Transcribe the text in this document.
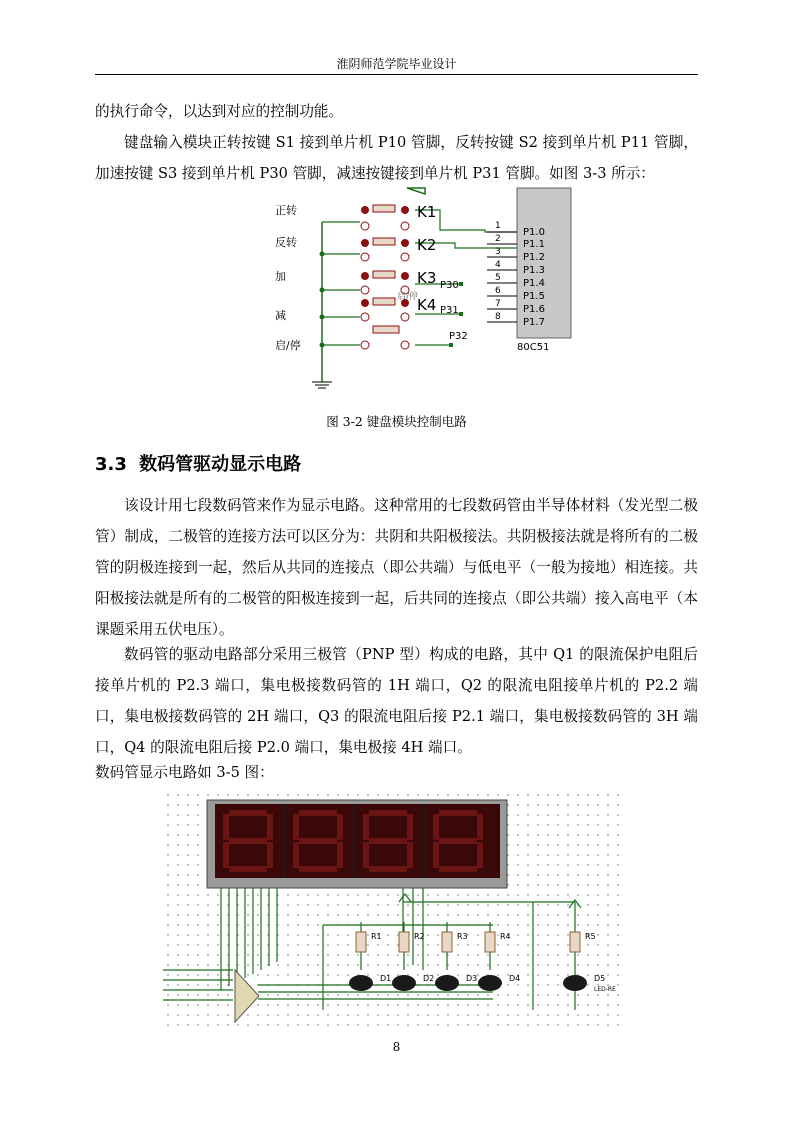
淮阴师范学院毕业设计

的执行命令，以达到对应的控制功能。

键盘输入模块正转按键 S1 接到单片机 P10 管脚，反转按键 S2 接到单片机 P11 管脚，加速按键 S3 接到单片机 P30 管脚，减速按键接到单片机 P31 管脚。如图 3-3 所示：

正转
反转
加
减
启/停
K1
K2
K3
K4
启/停
P30
P31
P32
1
2
3
4
5
6
7
8
P1.0
P1.1
P1.2
P1.3
P1.4
P1.5
P1.6
P1.7
80C51
图 3-2 键盘模块控制电路
3.3 数码管驱动显示电路

该设计用七段数码管来作为显示电路。这种常用的七段数码管由半导体材料（发光型二极管）制成，二极管的连接方法可以区分为：共阴和共阳极接法。共阴极接法就是将所有的二极管的阴极连接到一起，然后从共同的连接点（即公共端）与低电平（一般为接地）相连接。共阳极接法就是所有的二极管的阳极连接到一起，后共同的连接点（即公共端）接入高电平（本课题采用五伏电压）。

数码管的驱动电路部分采用三极管（PNP 型）构成的电路，其中 Q1 的限流保护电阻后接单片机的 P2.3 端口，集电极接数码管的 1H 端口，Q2 的限流电阻接单片机的 P2.2 端口，集电极接数码管的 2H 端口，Q3 的限流电阻后接 P2.1 端口，集电极接数码管的 3H 端口，Q4 的限流电阻后接 P2.0 端口，集电极接 4H 端口。

数码管显示电路如 3-5 图：

R1	R2	R3	R4	R5
D1	D2	D3	D4	D5
LED-RE
8
